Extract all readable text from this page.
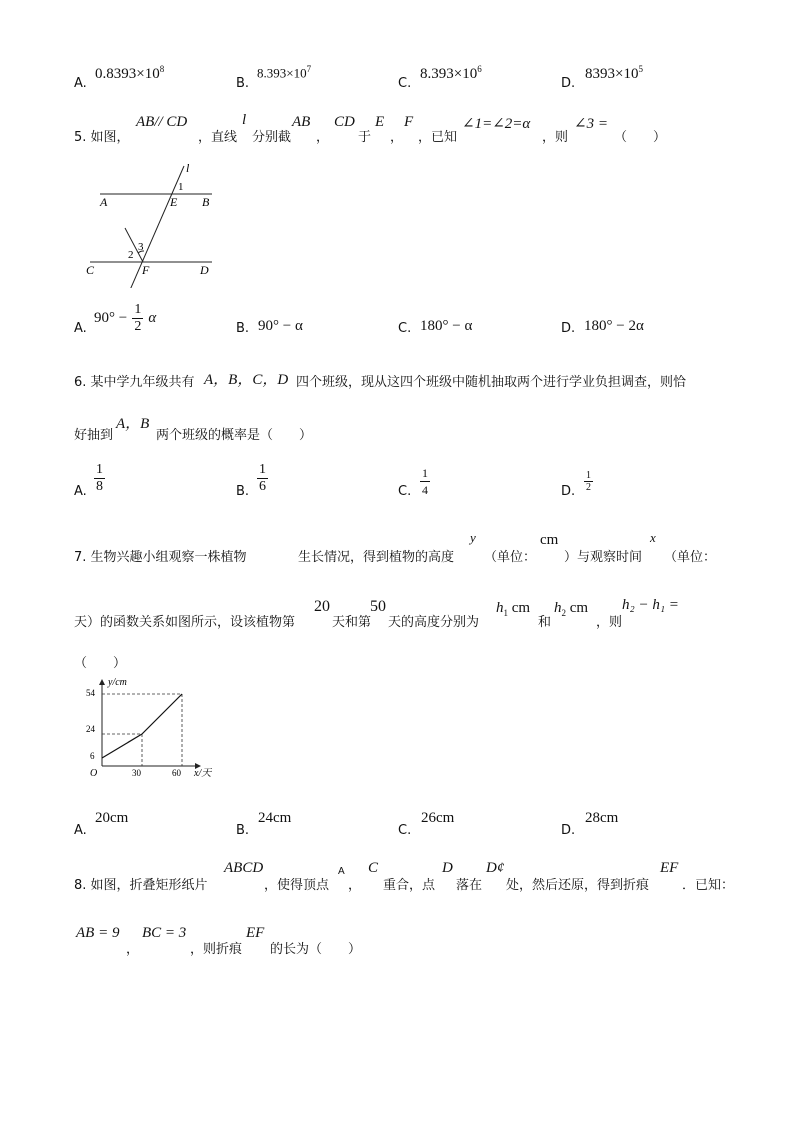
A.
$0.8393\times 10^8$
B.
$8.393\times 10^7$
C.
$8.393\times 10^6$
D.
$8393\times 10^5$
5. 如图，
AB// CD
，直线
l
分别截
AB
，
CD
于
E
，
F
，已知
∠1=∠2=α
，则
∠3 =
（　　）
l
1
A	E B
2
3
C	F	D
A.
$90^\circ - \frac{1}{2}$ α
B. 90° − α	C. 180° − α	D. 180° − 2α
6. 某中学九年级共有 A，B，C，D 四个班级，现从这四个班级中随机抽取两个进行学业负担调查，则恰
好抽到
A，B
两个班级的概率是（　　）
A. $\frac{1}{8}$	B. $\frac{1}{6}$	C. $\frac{1}{4}$	D. $\frac{1}{2}$
7. 生物兴趣小组观察一株植物	生长情况，得到植物的高度
y
（单位：
cm
）与观察时间
x
（单位：
天）的函数关系如图所示，设该植物第
20
天和第
50
天的高度分别为
$h_1$ cm
和
$h_2$ cm
，则
h₂ − h₁ =
（　　）
y/cm
x/天
O
54
24
6
30	60
A.
20cm
B.
24cm
C.
26cm
D.
28cm
8. 如图，折叠矩形纸片
ABCD
，使得顶点
A
，
C
重合，点
D
落在
D¢
处，然后还原，得到折痕
EF
．已知：
AB = 9
，
BC = 3
，则折痕
EF
的长为（　　）
